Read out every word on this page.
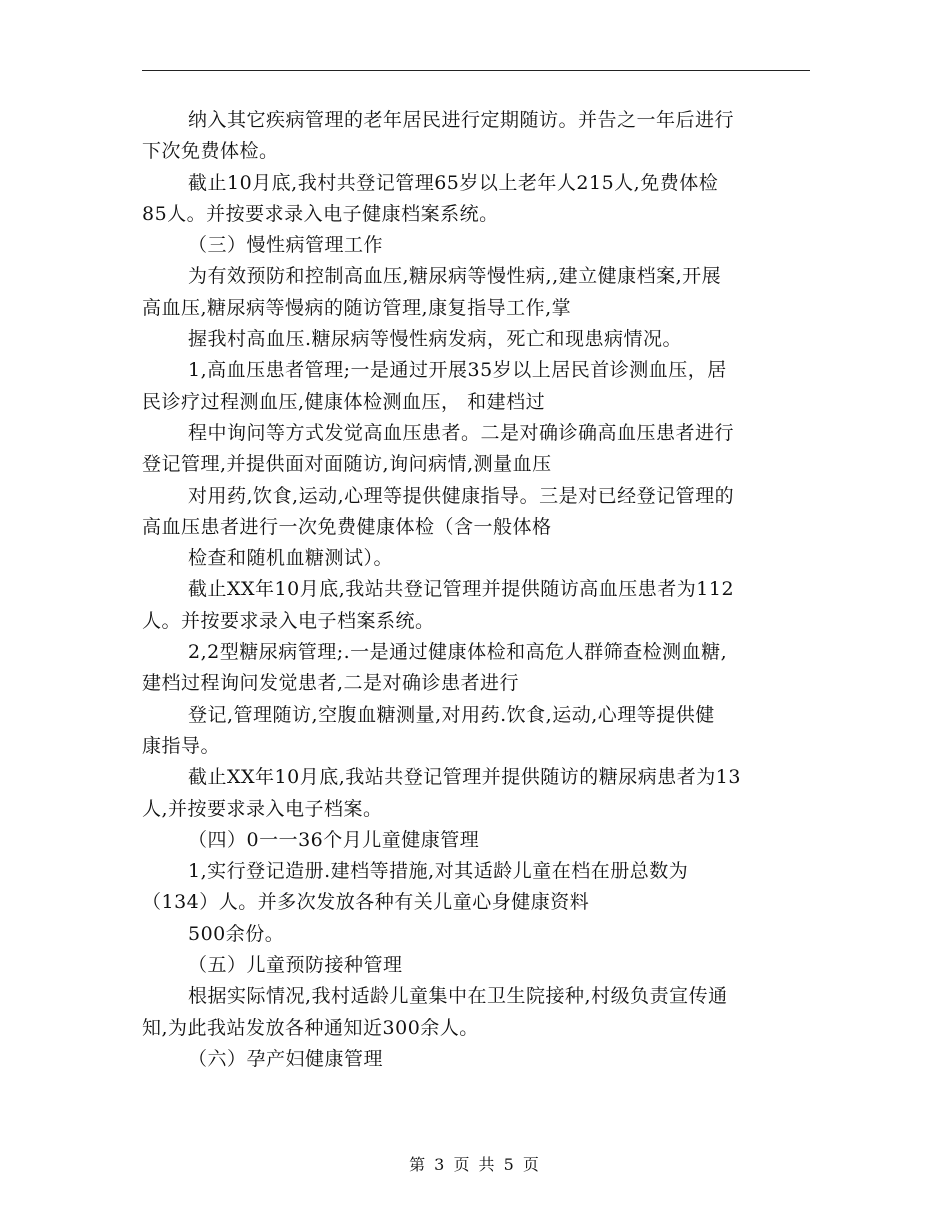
纳入其它疾病管理的老年居民进行定期随访。并告之一年后进行
下次免费体检。
截止10月底,我村共登记管理65岁以上老年人215人,免费体检
85人。并按要求录入电子健康档案系统。
（三）慢性病管理工作
为有效预防和控制高血压,糖尿病等慢性病,,建立健康档案,开展
高血压,糖尿病等慢病的随访管理,康复指导工作,掌
握我村高血压.糖尿病等慢性病发病，死亡和现患病情况。
1,高血压患者管理;一是通过开展35岁以上居民首诊测血压，居
民诊疗过程测血压,健康体检测血压， 和建档过
程中询问等方式发觉高血压患者。二是对确诊确高血压患者进行
登记管理,并提供面对面随访,询问病情,测量血压
对用药,饮食,运动,心理等提供健康指导。三是对已经登记管理的
高血压患者进行一次免费健康体检（含一般体格
检查和随机血糖测试）。
截止XX年10月底,我站共登记管理并提供随访高血压患者为112
人。并按要求录入电子档案系统。
2,2型糖尿病管理;.一是通过健康体检和高危人群筛查检测血糖,
建档过程询问发觉患者,二是对确诊患者进行
登记,管理随访,空腹血糖测量,对用药.饮食,运动,心理等提供健
康指导。
截止XX年10月底,我站共登记管理并提供随访的糖尿病患者为13
人,并按要求录入电子档案。
（四）0一一36个月儿童健康管理
1,实行登记造册.建档等措施,对其适龄儿童在档在册总数为
（134）人。并多次发放各种有关儿童心身健康资料
500余份。
（五）儿童预防接种管理
根据实际情况,我村适龄儿童集中在卫生院接种,村级负责宣传通
知,为此我站发放各种通知近300余人。
（六）孕产妇健康管理
第 3 页 共 5 页
